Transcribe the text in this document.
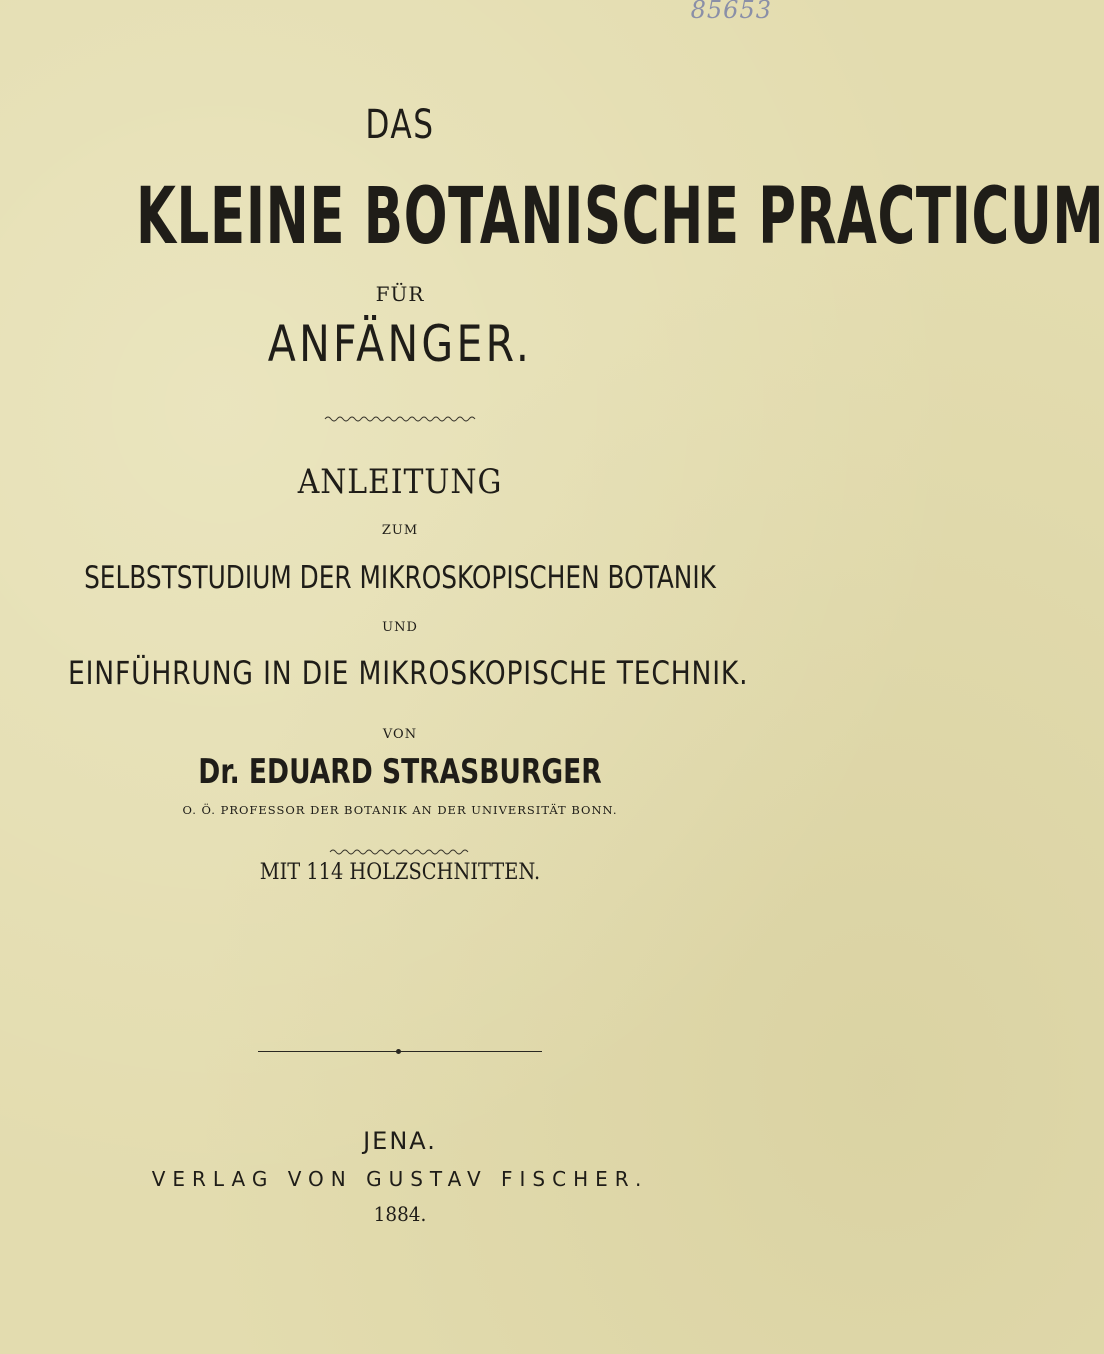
85653
DAS
KLEINE BOTANISCHE PRACTICUM
FÜR
ANFÄNGER.
ANLEITUNG
ZUM
SELBSTSTUDIUM DER MIKROSKOPISCHEN BOTANIK
UND
EINFÜHRUNG IN DIE MIKROSKOPISCHE TECHNIK.
VON
Dr. EDUARD STRASBURGER
O. Ö. PROFESSOR DER BOTANIK AN DER UNIVERSITÄT BONN.
MIT 114 HOLZSCHNITTEN.
JENA.
VERLAG VON GUSTAV FISCHER.
1884.
